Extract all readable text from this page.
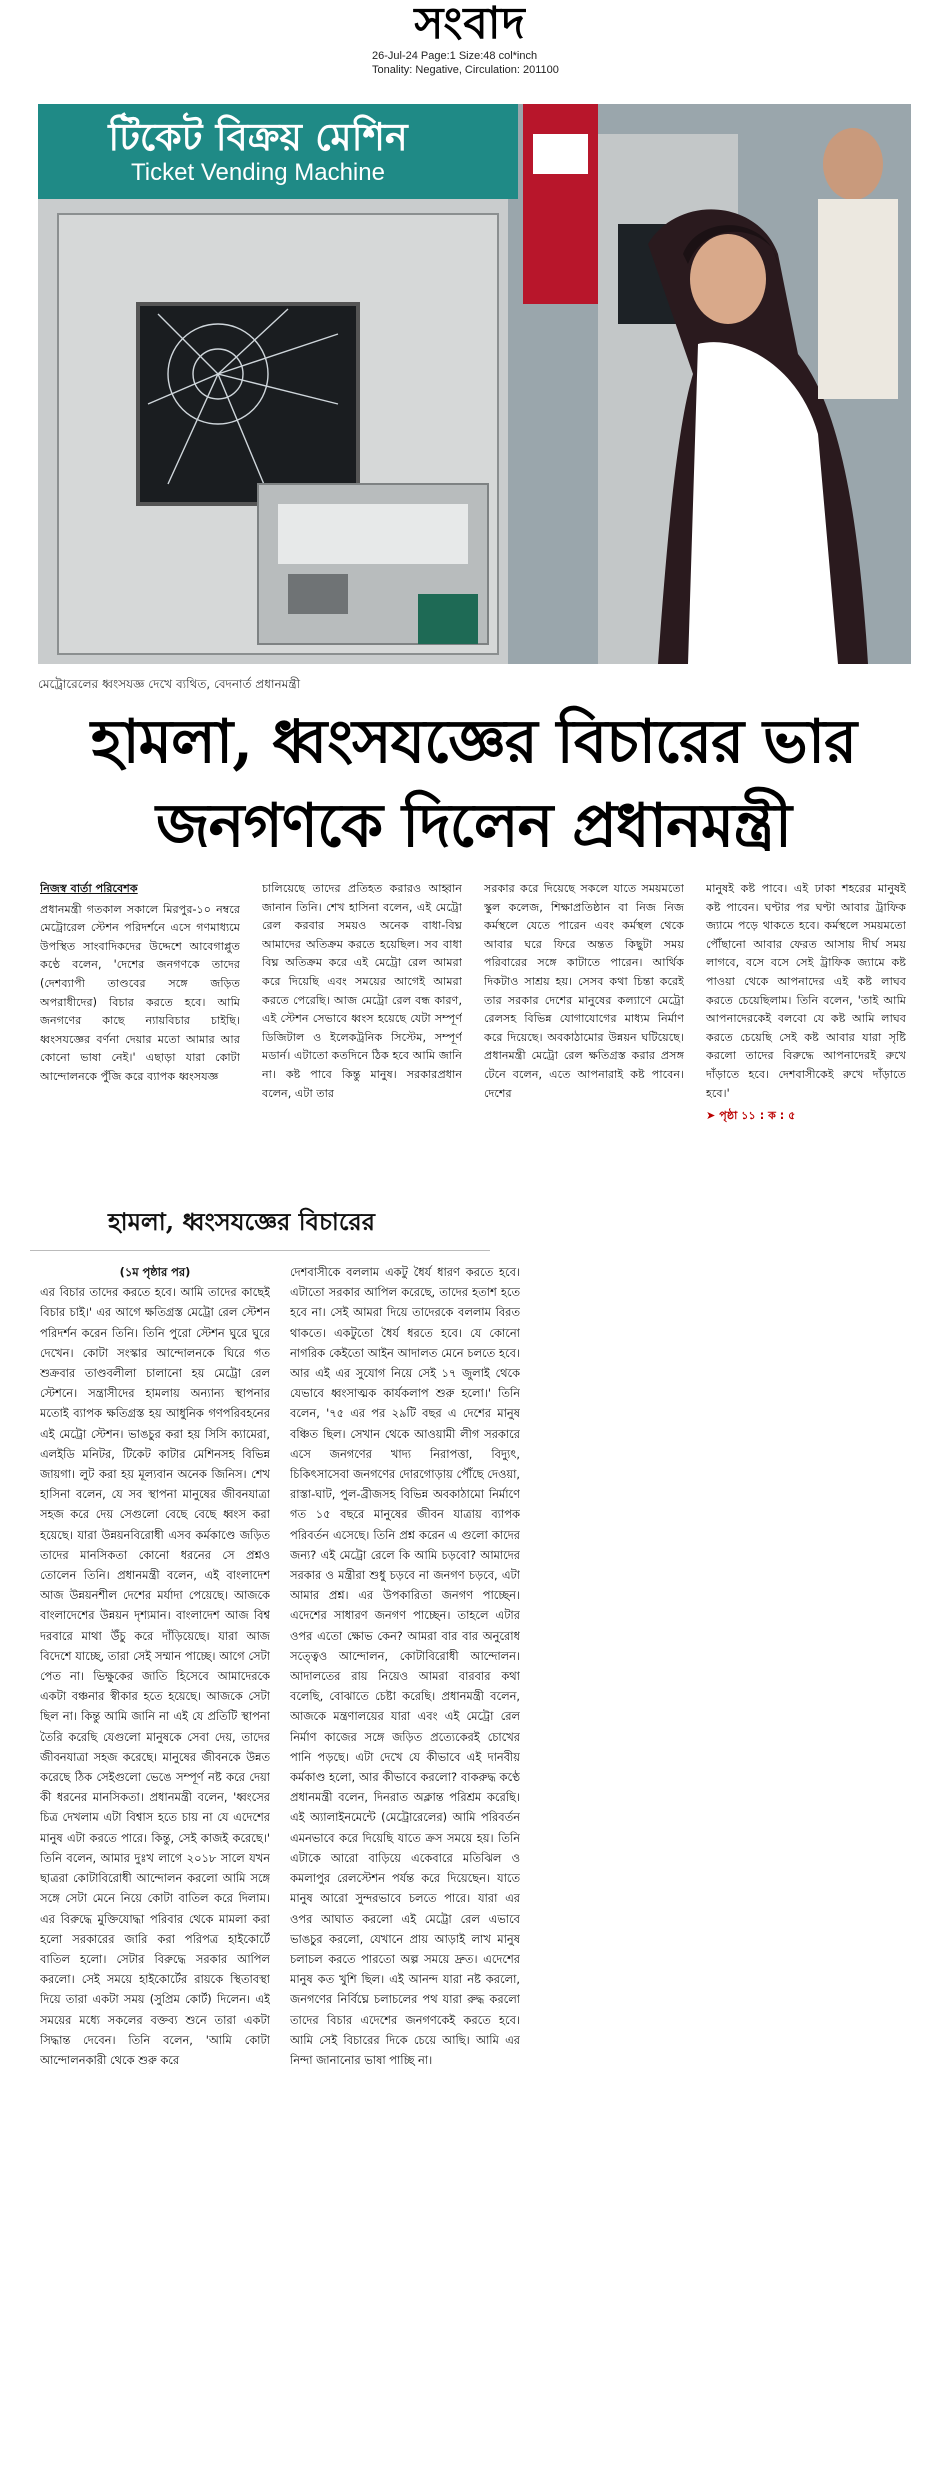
সংবাদ
26-Jul-24 Page:1 Size:48 col*inch
Tonality: Negative, Circulation: 201100
টিকেট বিক্রয় মেশিন
Ticket Vending Machine
মেট্রোরেলের ধ্বংসযজ্ঞ দেখে ব্যথিত, বেদনার্ত প্রধানমন্ত্রী
হামলা, ধ্বংসযজ্ঞের বিচারের ভার
জনগণকে দিলেন প্রধানমন্ত্রী
নিজস্ব বার্তা পরিবেশক
প্রধানমন্ত্রী গতকাল সকালে মিরপুর-১০ নম্বরে মেট্রোরেল স্টেশন পরিদর্শনে এসে গণমাধ্যমে উপস্থিত সাংবাদিকদের উদ্দেশে আবেগাপ্লুত কণ্ঠে বলেন, 'দেশের জনগণকে তাদের (দেশব্যাপী তাণ্ডবের সঙ্গে জড়িত অপরাধীদের) বিচার করতে হবে। আমি জনগণের কাছে ন্যায়বিচার চাইছি। ধ্বংসযজ্ঞের বর্ণনা দেয়ার মতো আমার আর কোনো ভাষা নেই।' এছাড়া যারা কোটা আন্দোলনকে পুঁজি করে ব্যাপক ধ্বংসযজ্ঞ
চালিয়েছে তাদের প্রতিহত করারও আহ্বান জানান তিনি। শেখ হাসিনা বলেন, এই মেট্রো রেল করবার সময়ও অনেক বাধা-বিঘ্ন আমাদের অতিক্রম করতে হয়েছিল। সব বাধা বিঘ্ন অতিক্রম করে এই মেট্রো রেল আমরা করে দিয়েছি এবং সময়ের আগেই আমরা করতে পেরেছি। আজ মেট্রো রেল বন্ধ কারণ, এই স্টেশন সেভাবে ধ্বংস হয়েছে যেটা সম্পূর্ণ ডিজিটাল ও ইলেকট্রনিক সিস্টেম, সম্পূর্ণ মডার্ন। এটাতো কতদিনে ঠিক হবে আমি জানি না। কষ্ট পাবে কিন্তু মানুষ। সরকারপ্রধান বলেন, এটা তার
সরকার করে দিয়েছে সকলে যাতে সময়মতো স্কুল কলেজ, শিক্ষাপ্রতিষ্ঠান বা নিজ নিজ কর্মস্থলে যেতে পারেন এবং কর্মস্থল থেকে আবার ঘরে ফিরে অন্তত কিছুটা সময় পরিবারের সঙ্গে কাটাতে পারেন। আর্থিক দিকটাও সাশ্রয় হয়। সেসব কথা চিন্তা করেই তার সরকার দেশের মানুষের কল্যাণে মেট্রো রেলসহ বিভিন্ন যোগাযোগের মাধ্যম নির্মাণ করে দিয়েছে। অবকাঠামোর উন্নয়ন ঘটিয়েছে। প্রধানমন্ত্রী মেট্রো রেল ক্ষতিগ্রস্ত করার প্রসঙ্গ টেনে বলেন, এতে আপনারাই কষ্ট পাবেন। দেশের
মানুষই কষ্ট পাবে। এই ঢাকা শহরের মানুষই কষ্ট পাবেন। ঘণ্টার পর ঘণ্টা আবার ট্রাফিক জ্যামে পড়ে থাকতে হবে। কর্মস্থলে সময়মতো পৌঁছানো আবার ফেরত আসায় দীর্ঘ সময় লাগবে, বসে বসে সেই ট্রাফিক জ্যামে কষ্ট পাওয়া থেকে আপনাদের এই কষ্ট লাঘব করতে চেয়েছিলাম। তিনি বলেন, 'তাই আমি আপনাদেরকেই বলবো যে কষ্ট আমি লাঘব করতে চেয়েছি সেই কষ্ট আবার যারা সৃষ্টি করলো তাদের বিরুদ্ধে আপনাদেরই রুখে দাঁড়াতে হবে। দেশবাসীকেই রুখে দাঁড়াতে হবে।'
➤ পৃষ্ঠা ১১ : ক : ৫
হামলা, ধ্বংসযজ্ঞের বিচারের
(১ম পৃষ্ঠার পর)
এর বিচার তাদের করতে হবে। আমি তাদের কাছেই বিচার চাই।' এর আগে ক্ষতিগ্রস্ত মেট্রো রেল স্টেশন পরিদর্শন করেন তিনি। তিনি পুরো স্টেশন ঘুরে ঘুরে দেখেন। কোটা সংস্কার আন্দোলনকে ঘিরে গত শুক্রবার তাণ্ডবলীলা চালানো হয় মেট্রো রেল স্টেশনে। সন্ত্রাসীদের হামলায় অন্যান্য স্থাপনার মতোই ব্যাপক ক্ষতিগ্রস্ত হয় আধুনিক গণপরিবহনের এই মেট্রো স্টেশন। ভাঙচুর করা হয় সিসি ক্যামেরা, এলইডি মনিটর, টিকেট কাটার মেশিনসহ বিভিন্ন জায়গা। লুট করা হয় মূল্যবান অনেক জিনিস। শেখ হাসিনা বলেন, যে সব স্থাপনা মানুষের জীবনযাত্রা সহজ করে দেয় সেগুলো বেছে বেছে ধ্বংস করা হয়েছে। যারা উন্নয়নবিরোধী এসব কর্মকাণ্ডে জড়িত তাদের মানসিকতা কোনো ধরনের সে প্রশ্নও তোলেন তিনি। প্রধানমন্ত্রী বলেন, এই বাংলাদেশ আজ উন্নয়নশীল দেশের মর্যাদা পেয়েছে। আজকে বাংলাদেশের উন্নয়ন দৃশ্যমান। বাংলাদেশ আজ বিশ্ব দরবারে মাথা উঁচু করে দাঁড়িয়েছে। যারা আজ বিদেশে যাচ্ছে, তারা সেই সম্মান পাচ্ছে। আগে সেটা পেত না। ভিক্ষুকের জাতি হিসেবে আমাদেরকে একটা বঞ্চনার স্বীকার হতে হয়েছে। আজকে সেটা ছিল না। কিন্তু আমি জানি না এই যে প্রতিটি স্থাপনা তৈরি করেছি যেগুলো মানুষকে সেবা দেয়, তাদের জীবনযাত্রা সহজ করেছে। মানুষের জীবনকে উন্নত করেছে ঠিক সেইগুলো ভেঙে সম্পূর্ণ নষ্ট করে দেয়া কী ধরনের মানসিকতা। প্রধানমন্ত্রী বলেন, 'ধ্বংসের চিত্র দেখলাম এটা বিশ্বাস হতে চায় না যে এদেশের মানুষ এটা করতে পারে। কিন্তু, সেই কাজই করেছে।' তিনি বলেন, আমার দুঃখ লাগে ২০১৮ সালে যখন ছাত্ররা কোটাবিরোধী আন্দোলন করলো আমি সঙ্গে সঙ্গে সেটা মেনে নিয়ে কোটা বাতিল করে দিলাম। এর বিরুদ্ধে মুক্তিযোদ্ধা পরিবার থেকে মামলা করা হলো সরকারের জারি করা পরিপত্র হাইকোর্টে বাতিল হলো। সেটার বিরুদ্ধে সরকার আপিল করলো। সেই সময়ে হাইকোর্টের রায়কে স্থিতাবস্থা দিয়ে তারা একটা সময় (সুপ্রিম কোর্ট) দিলেন। এই সময়ের মধ্যে সকলের বক্তব্য শুনে তারা একটা সিদ্ধান্ত দেবেন। তিনি বলেন, 'আমি কোটা আন্দোলনকারী থেকে শুরু করে
দেশবাসীকে বললাম একটু ধৈর্য ধারণ করতে হবে। এটাতো সরকার আপিল করেছে, তাদের হতাশ হতে হবে না। সেই আমরা দিয়ে তাদেরকে বললাম বিরত থাকতে। একটুতো ধৈর্য ধরতে হবে। যে কোনো নাগরিক কেইতো আইন আদালত মেনে চলতে হবে। আর এই এর সুযোগ নিয়ে সেই ১৭ জুলাই থেকে যেভাবে ধ্বংসাত্মক কার্যকলাপ শুরু হলো।' তিনি বলেন, '৭৫ এর পর ২৯টি বছর এ দেশের মানুষ বঞ্চিত ছিল। সেখান থেকে আওয়ামী লীগ সরকারে এসে জনগণের খাদ্য নিরাপত্তা, বিদ্যুৎ, চিকিৎসাসেবা জনগণের দোরগোড়ায় পৌঁছে দেওয়া, রাস্তা-ঘাট, পুল-ব্রীজসহ বিভিন্ন অবকাঠামো নির্মাণে গত ১৫ বছরে মানুষের জীবন যাত্রায় ব্যাপক পরিবর্তন এসেছে। তিনি প্রশ্ন করেন এ গুলো কাদের জন্য? এই মেট্রো রেলে কি আমি চড়বো? আমাদের সরকার ও মন্ত্রীরা শুধু চড়বে না জনগণ চড়বে, এটা আমার প্রশ্ন। এর উপকারিতা জনগণ পাচ্ছেন। এদেশের সাধারণ জনগণ পাচ্ছেন। তাহলে এটার ওপর এতো ক্ষোভ কেন? আমরা বার বার অনুরোধ সত্ত্বেও আন্দোলন, কোটাবিরোধী আন্দোলন। আদালতের রায় নিয়েও আমরা বারবার কথা বলেছি, বোঝাতে চেষ্টা করেছি। প্রধানমন্ত্রী বলেন, আজকে মন্ত্রণালয়ের যারা এবং এই মেট্রো রেল নির্মাণ কাজের সঙ্গে জড়িত প্রত্যেকেরই চোখের পানি পড়ছে। এটা দেখে যে কীভাবে এই দানবীয় কর্মকাণ্ড হলো, আর কীভাবে করলো? বাকরুদ্ধ কণ্ঠে প্রধানমন্ত্রী বলেন, দিনরাত অক্লান্ত পরিশ্রম করেছি। এই অ্যালাইনমেন্টে (মেট্রোরেলের) আমি পরিবর্তন এমনভাবে করে দিয়েছি যাতে ক্রস সময়ে হয়। তিনি এটাকে আরো বাড়িয়ে একেবারে মতিঝিল ও কমলাপুর রেলস্টেশন পর্যন্ত করে দিয়েছেন। যাতে মানুষ আরো সুন্দরভাবে চলতে পারে। যারা এর ওপর আঘাত করলো এই মেট্রো রেল এভাবে ভাঙচুর করলো, যেখানে প্রায় আড়াই লাখ মানুষ চলাচল করতে পারতো অল্প সময়ে দ্রুত। এদেশের মানুষ কত খুশি ছিল। এই আনন্দ যারা নষ্ট করলো, জনগণের নির্বিঘ্নে চলাচলের পথ যারা রুদ্ধ করলো তাদের বিচার এদেশের জনগণকেই করতে হবে। আমি সেই বিচারের দিকে চেয়ে আছি। আমি এর নিন্দা জানানোর ভাষা পাচ্ছি না।
